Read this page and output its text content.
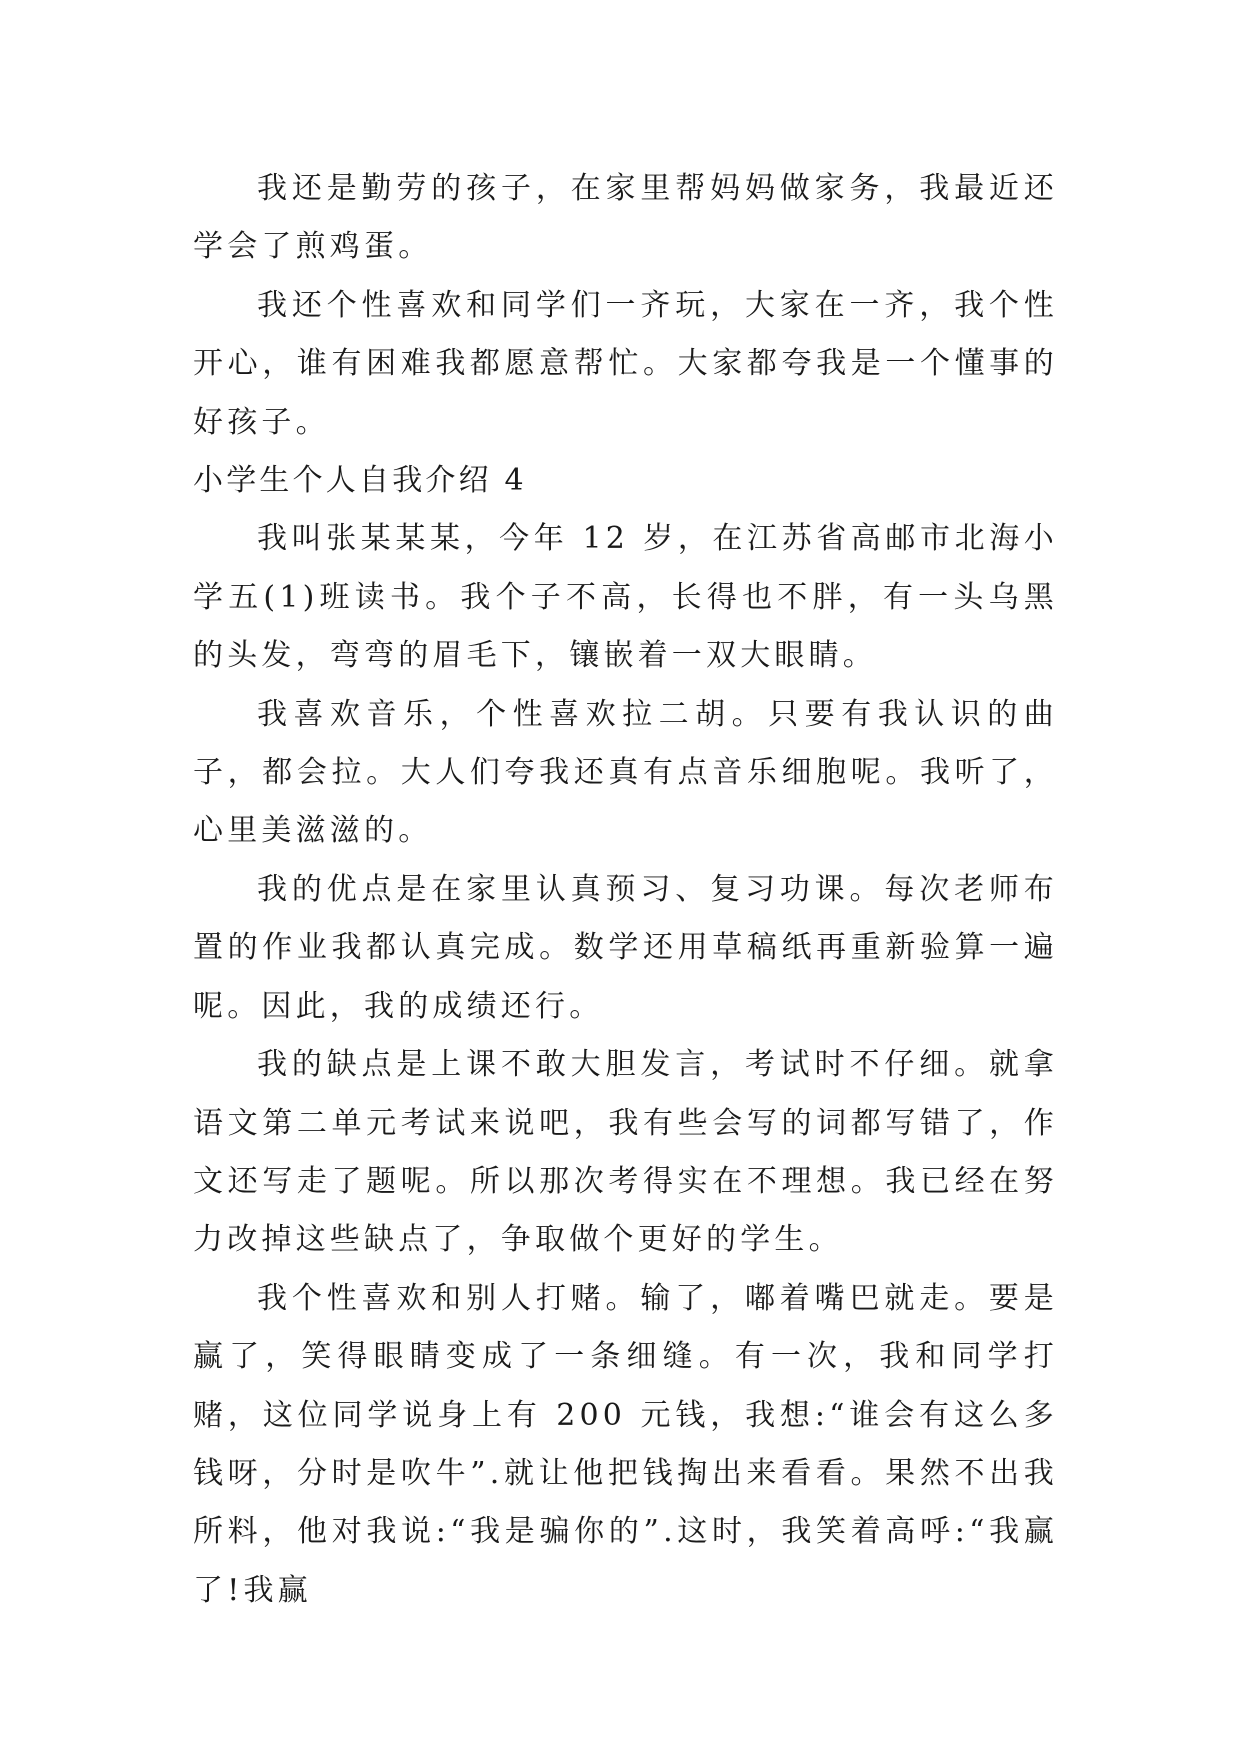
我还是勤劳的孩子，在家里帮妈妈做家务，我最近还学会了煎鸡蛋。

我还个性喜欢和同学们一齐玩，大家在一齐，我个性开心，谁有困难我都愿意帮忙。大家都夸我是一个懂事的好孩子。

小学生个人自我介绍 4

我叫张某某某，今年 12 岁，在江苏省高邮市北海小学五(1)班读书。我个子不高，长得也不胖，有一头乌黑的头发，弯弯的眉毛下，镶嵌着一双大眼睛。

我喜欢音乐，个性喜欢拉二胡。只要有我认识的曲子，都会拉。大人们夸我还真有点音乐细胞呢。我听了，心里美滋滋的。

我的优点是在家里认真预习、复习功课。每次老师布置的作业我都认真完成。数学还用草稿纸再重新验算一遍呢。因此，我的成绩还行。

我的缺点是上课不敢大胆发言，考试时不仔细。就拿语文第二单元考试来说吧，我有些会写的词都写错了，作文还写走了题呢。所以那次考得实在不理想。我已经在努力改掉这些缺点了，争取做个更好的学生。

我个性喜欢和别人打赌。输了，嘟着嘴巴就走。要是赢了，笑得眼睛变成了一条细缝。有一次，我和同学打赌，这位同学说身上有 200 元钱，我想:“谁会有这么多钱呀，分时是吹牛”.就让他把钱掏出来看看。果然不出我所料，他对我说:“我是骗你的”.这时，我笑着高呼:“我赢了!我赢
